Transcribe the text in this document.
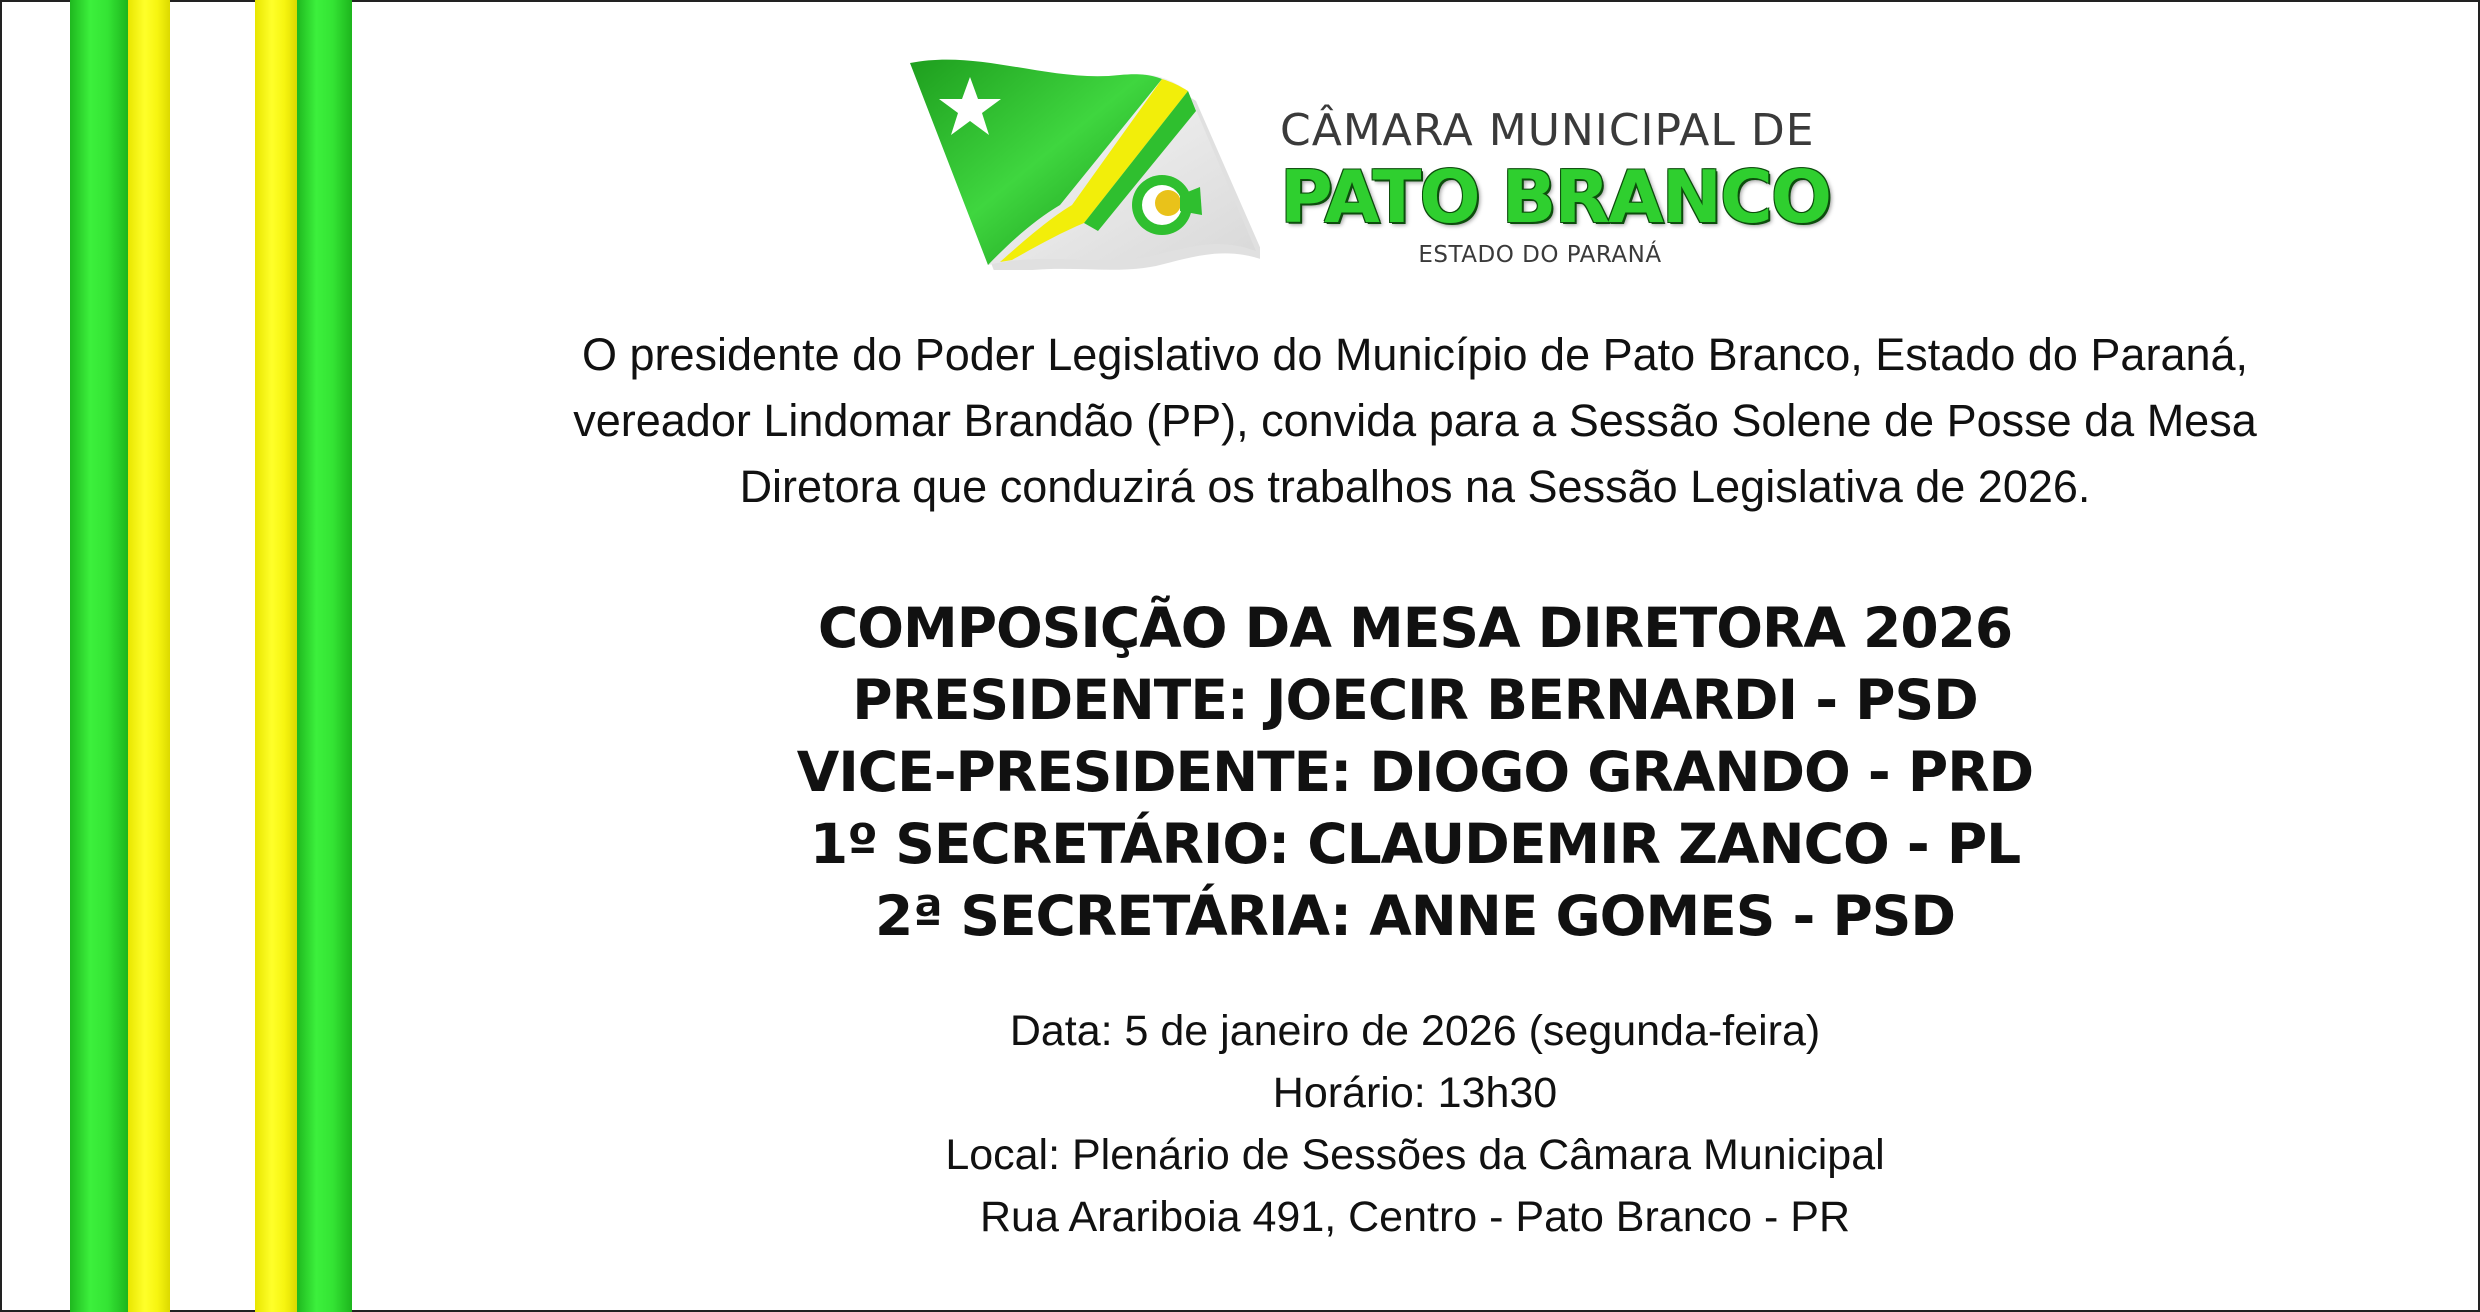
CÂMARA MUNICIPAL DE
PATO BRANCO
ESTADO DO PARANÁ

O presidente do Poder Legislativo do Município de Pato Branco, Estado do Paraná,

vereador Lindomar Brandão (PP), convida para a Sessão Solene de Posse da Mesa

Diretora que conduzirá os trabalhos na Sessão Legislativa de 2026.

COMPOSIÇÃO DA MESA DIRETORA 2026
PRESIDENTE: JOECIR BERNARDI - PSD
VICE-PRESIDENTE: DIOGO GRANDO - PRD
1º SECRETÁRIO: CLAUDEMIR ZANCO - PL
2ª SECRETÁRIA: ANNE GOMES - PSD

Data: 5 de janeiro de 2026 (segunda-feira)

Horário: 13h30

Local: Plenário de Sessões da Câmara Municipal

Rua Arariboia 491, Centro - Pato Branco - PR
